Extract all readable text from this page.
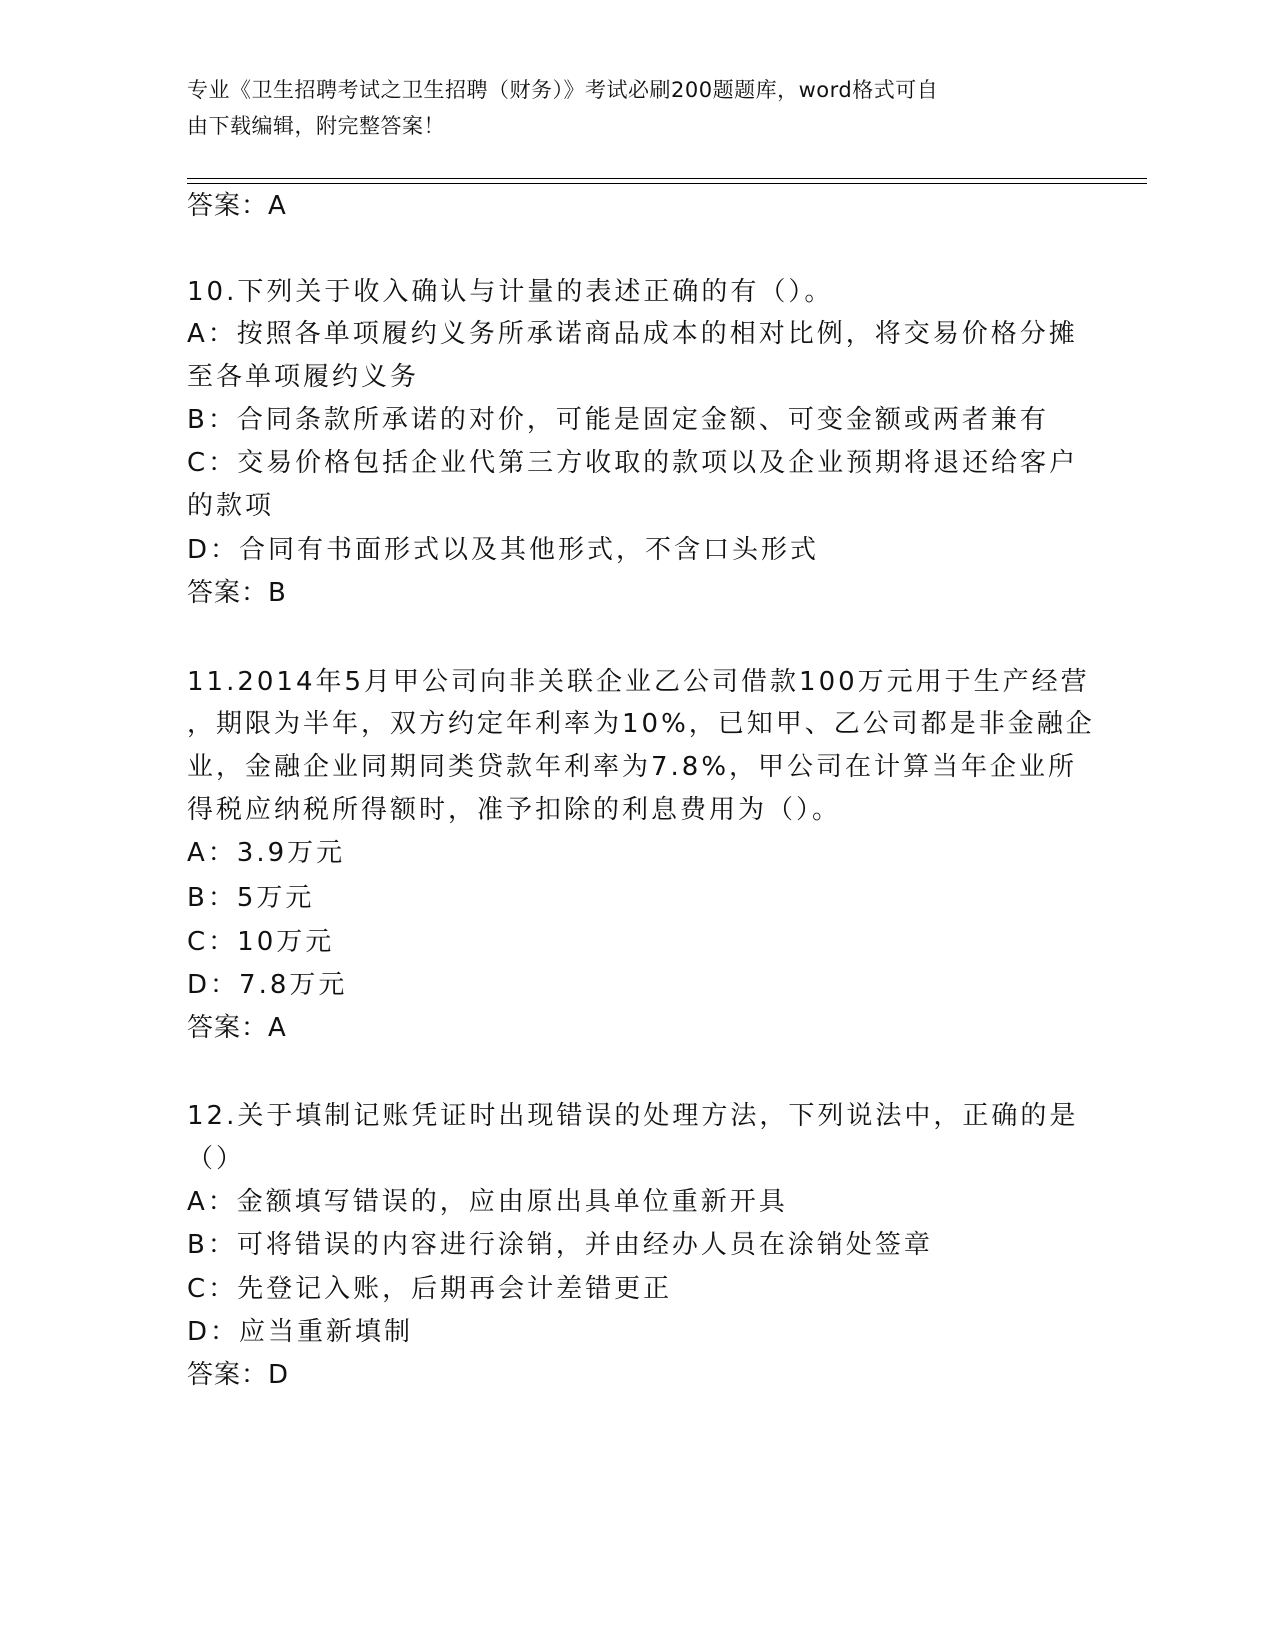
专业《卫生招聘考试之卫生招聘（财务）》考试必刷200题题库，word格式可自
由下载编辑，附完整答案！
答案：A
10.下列关于收入确认与计量的表述正确的有（）。
A：按照各单项履约义务所承诺商品成本的相对比例，将交易价格分摊
至各单项履约义务
B：合同条款所承诺的对价，可能是固定金额、可变金额或两者兼有
C：交易价格包括企业代第三方收取的款项以及企业预期将退还给客户
的款项
D：合同有书面形式以及其他形式，不含口头形式
答案：B
11.2014年5月甲公司向非关联企业乙公司借款100万元用于生产经营
，期限为半年，双方约定年利率为10%，已知甲、乙公司都是非金融企
业，金融企业同期同类贷款年利率为7.8%，甲公司在计算当年企业所
得税应纳税所得额时，准予扣除的利息费用为（）。
A：3.9万元
B：5万元
C：10万元
D：7.8万元
答案：A
12.关于填制记账凭证时出现错误的处理方法，下列说法中，正确的是
（）
A：金额填写错误的，应由原出具单位重新开具
B：可将错误的内容进行涂销，并由经办人员在涂销处签章
C：先登记入账，后期再会计差错更正
D：应当重新填制
答案：D
